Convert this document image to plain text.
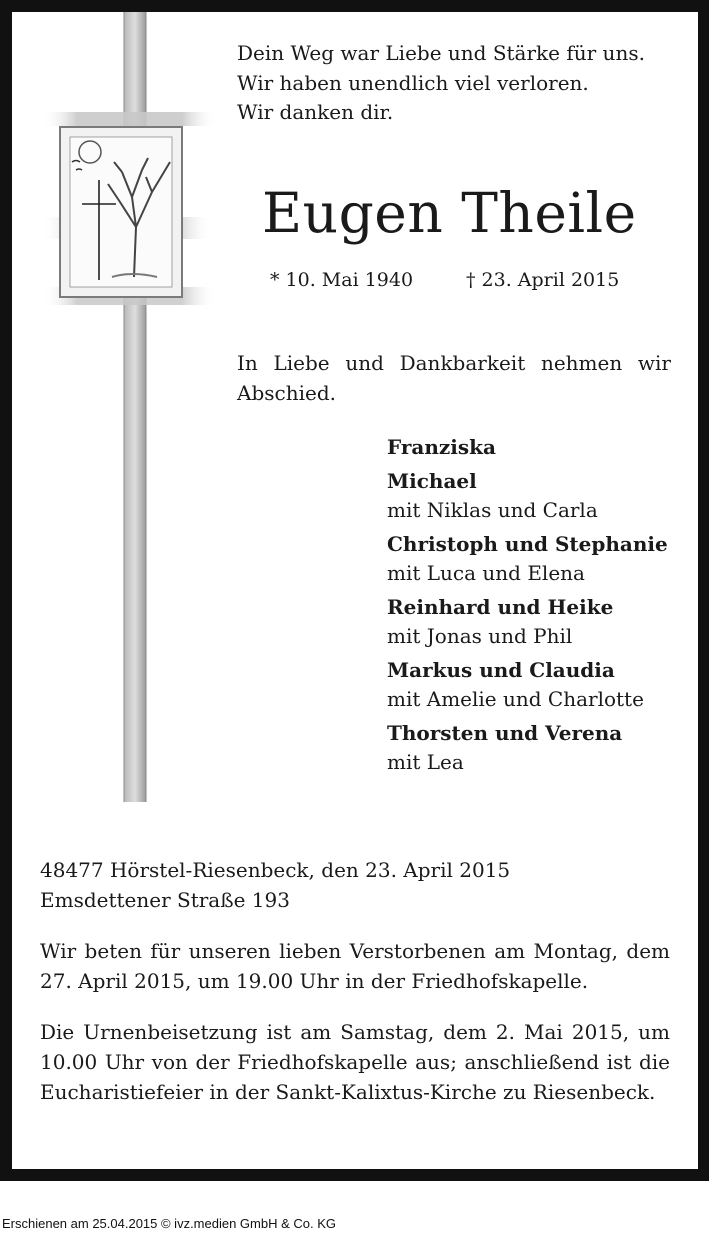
Dein Weg war Liebe und Stärke für uns.
Wir haben unendlich viel verloren.
Wir danken dir.
Eugen Theile
* 10. Mai 1940	† 23. April 2015
In Liebe und Dankbarkeit nehmen wir Abschied.
Franziska
Michael
mit Niklas und Carla
Christoph und Stephanie
mit Luca und Elena
Reinhard und Heike
mit Jonas und Phil
Markus und Claudia
mit Amelie und Charlotte
Thorsten und Verena
mit Lea
48477 Hörstel-Riesenbeck, den 23. April 2015
Emsdettener Straße 193

Wir beten für unseren lieben Verstorbenen am Montag, dem 27. April 2015, um 19.00 Uhr in der Friedhofskapelle.

Die Urnenbeisetzung ist am Samstag, dem 2. Mai 2015, um 10.00 Uhr von der Friedhofskapelle aus; anschließend ist die Eucharistiefeier in der Sankt-Kalixtus-Kirche zu Riesenbeck.

Erschienen am 25.04.2015 © ivz.medien GmbH & Co. KG
